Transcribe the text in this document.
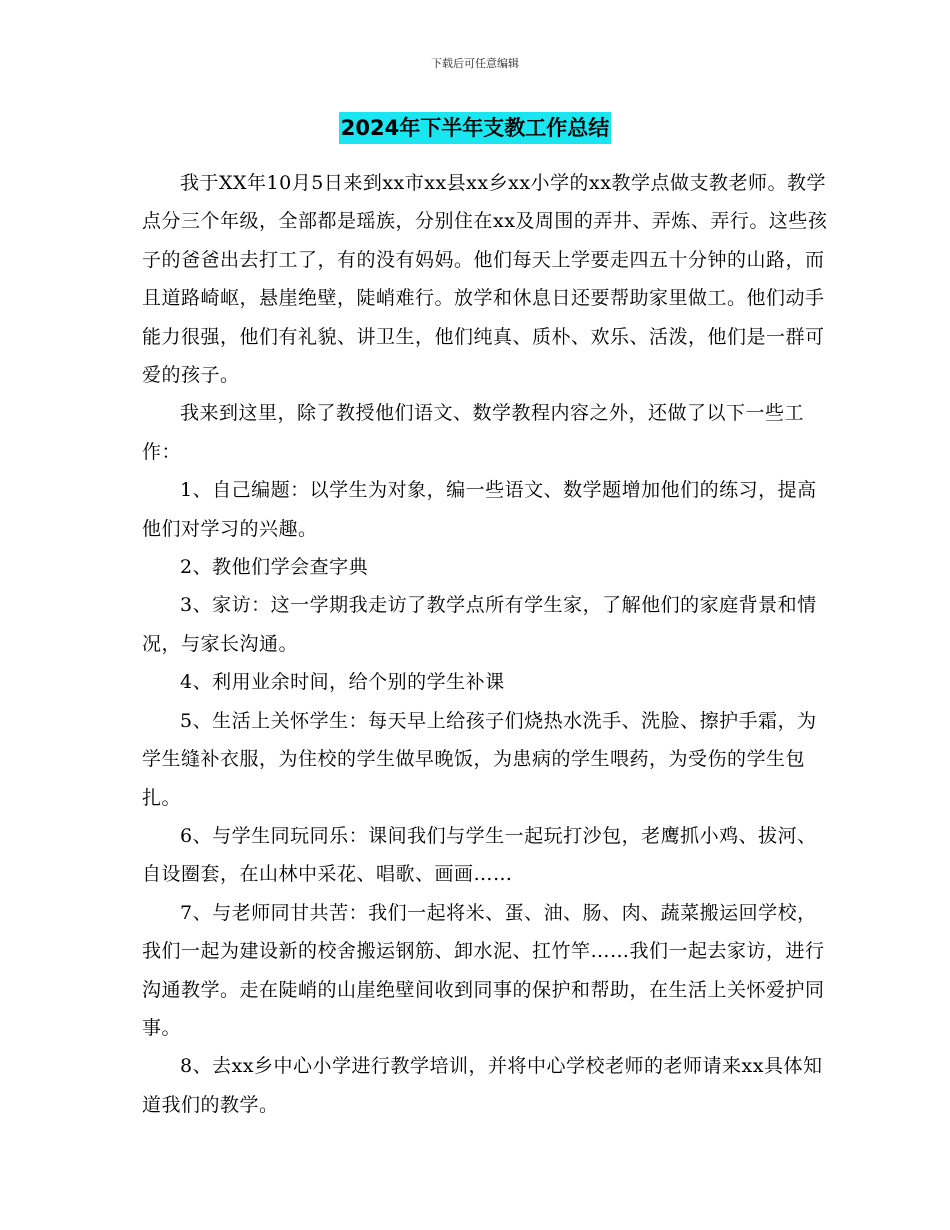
下载后可任意编辑
2024年下半年支教工作总结

我于XX年10月5日来到xx市xx县xx乡xx小学的xx教学点做支教老师。教学点分三个年级，全部都是瑶族，分别住在xx及周围的弄井、弄炼、弄行。这些孩子的爸爸出去打工了，有的没有妈妈。他们每天上学要走四五十分钟的山路，而且道路崎岖，悬崖绝壁，陡峭难行。放学和休息日还要帮助家里做工。他们动手能力很强，他们有礼貌、讲卫生，他们纯真、质朴、欢乐、活泼，他们是一群可爱的孩子。

我来到这里，除了教授他们语文、数学教程内容之外，还做了以下一些工作：

1、自己编题：以学生为对象，编一些语文、数学题增加他们的练习，提高他们对学习的兴趣。

2、教他们学会查字典

3、家访：这一学期我走访了教学点所有学生家，了解他们的家庭背景和情况，与家长沟通。

4、利用业余时间，给个别的学生补课

5、生活上关怀学生：每天早上给孩子们烧热水洗手、洗脸、擦护手霜，为学生缝补衣服，为住校的学生做早晚饭，为患病的学生喂药，为受伤的学生包扎。

6、与学生同玩同乐：课间我们与学生一起玩打沙包，老鹰抓小鸡、拔河、自设圈套，在山林中采花、唱歌、画画……

7、与老师同甘共苦：我们一起将米、蛋、油、肠、肉、蔬菜搬运回学校，我们一起为建设新的校舍搬运钢筋、卸水泥、扛竹竿……我们一起去家访，进行沟通教学。走在陡峭的山崖绝壁间收到同事的保护和帮助，在生活上关怀爱护同事。

8、去xx乡中心小学进行教学培训，并将中心学校老师的老师请来xx具体知道我们的教学。
